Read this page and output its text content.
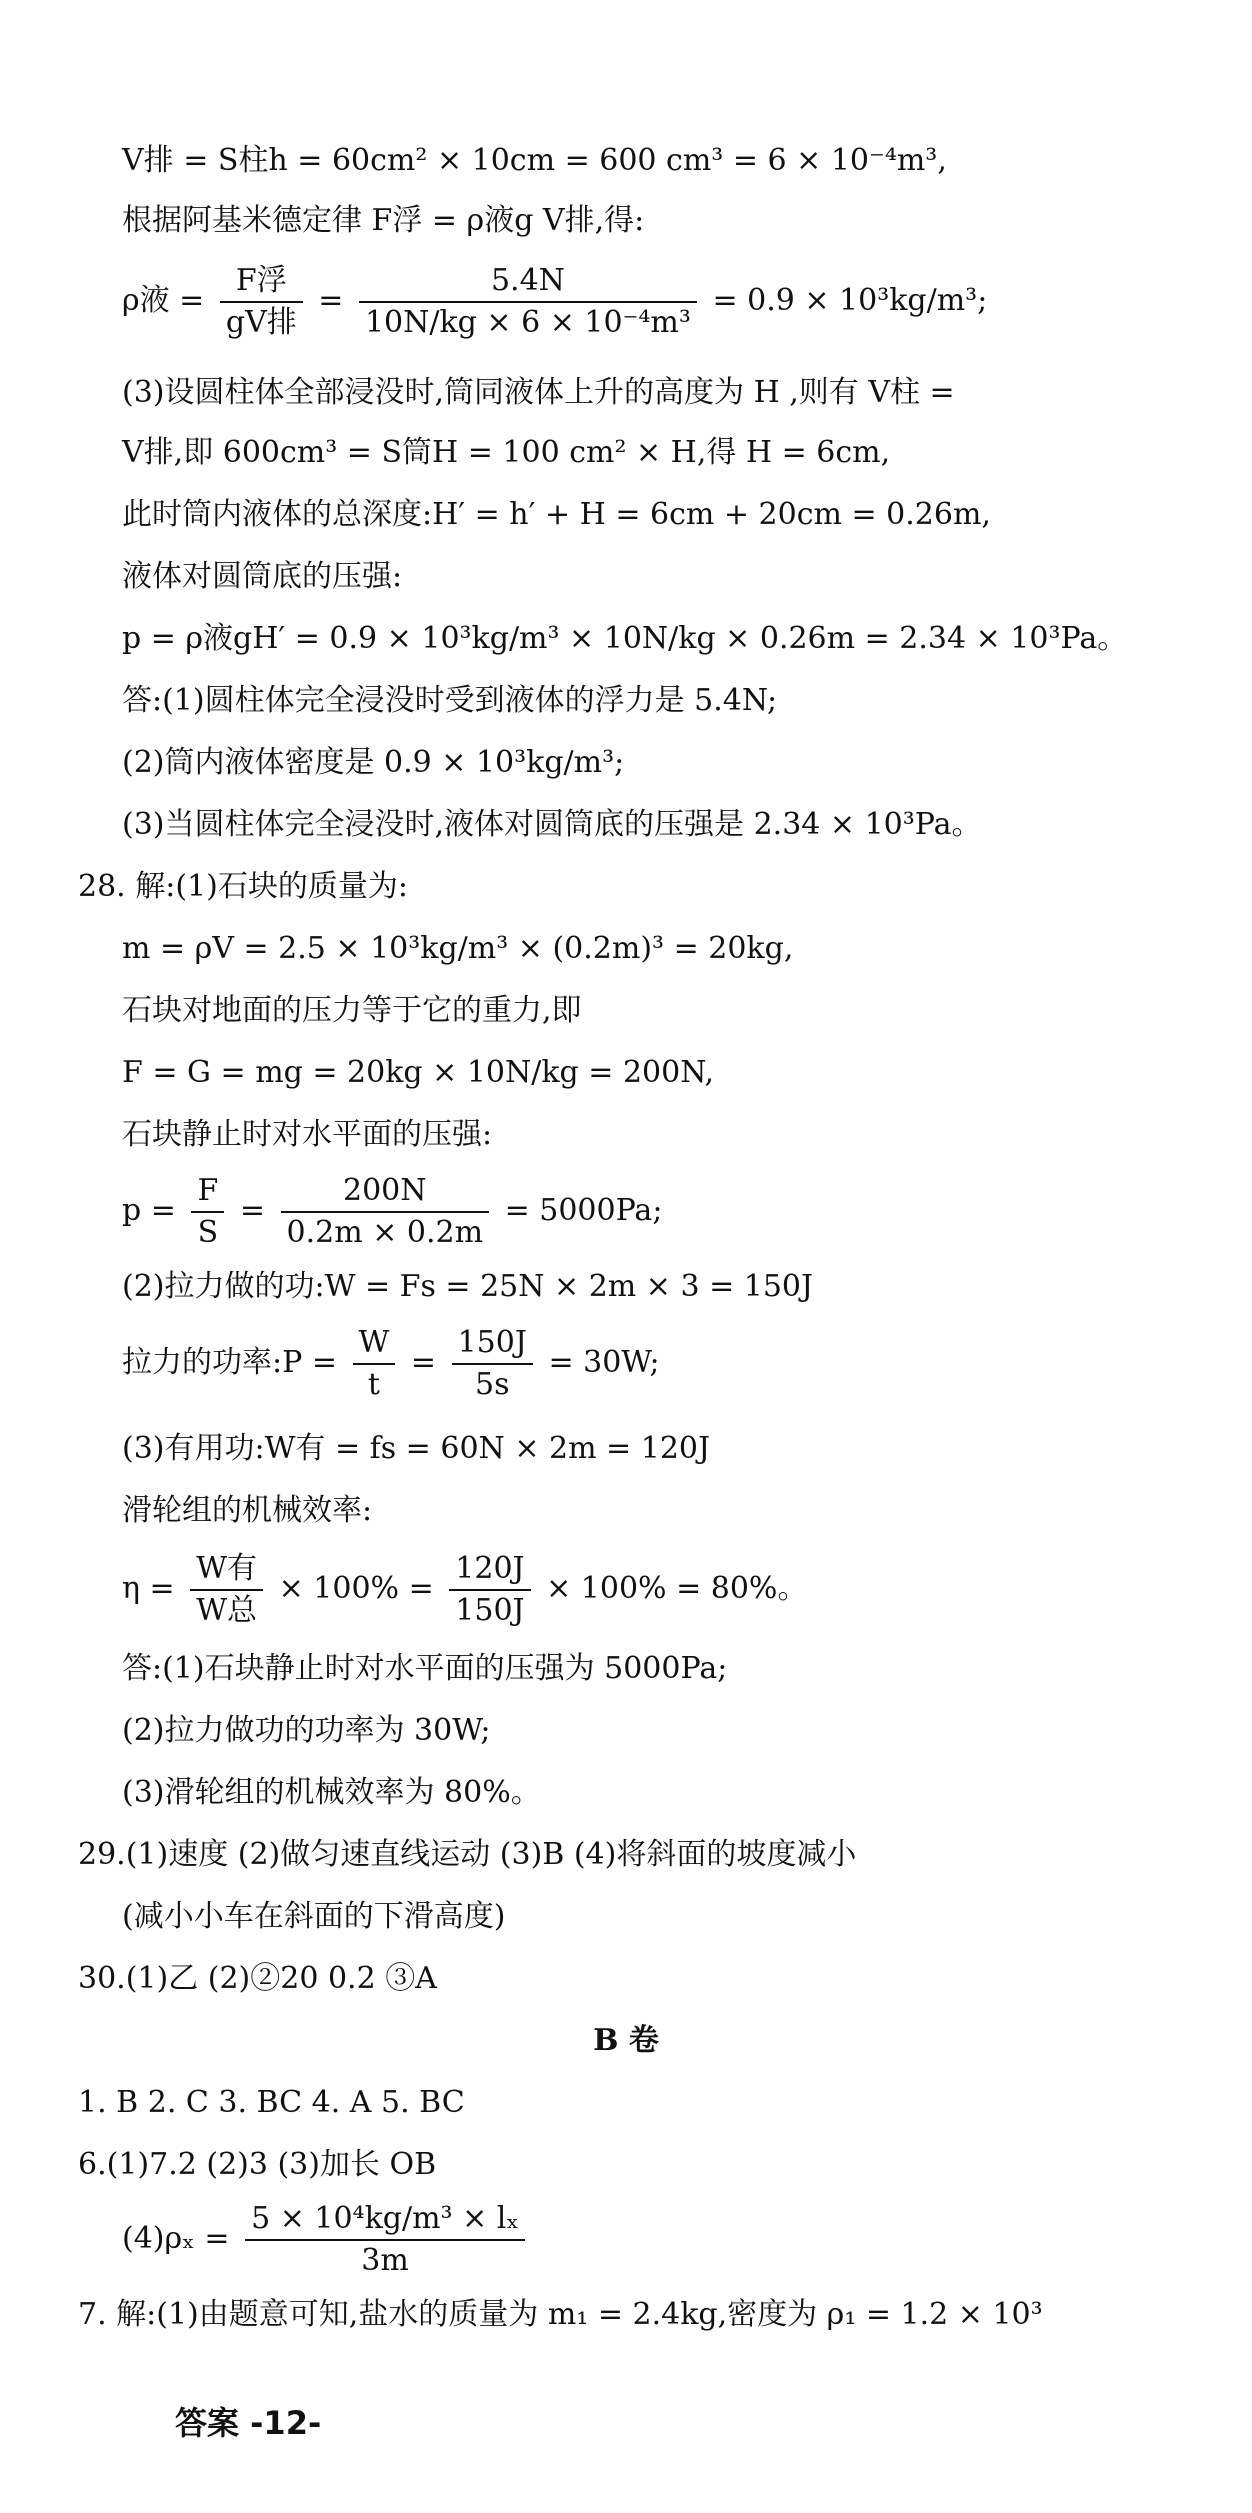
V排 = S柱h = 60cm² × 10cm = 600 cm³ = 6 × 10⁻⁴m³,
根据阿基米德定律 F浮 = ρ液g V排,得:
ρ液 = $\frac{\text{F浮}}{\text{gV排}} = \frac{5.4N}{\text{10N/kg × 6 × 10⁻⁴m³}} = 0.9 \times 10^3kg/m^3$;
(3)设圆柱体全部浸没时,筒同液体上升的高度为 H ,则有 V柱 =
V排,即 600cm³ = S筒H = 100 cm² × H,得 H = 6cm,
此时筒内液体的总深度:H′ = h′ + H = 6cm + 20cm = 0.26m,
液体对圆筒底的压强:
p = ρ液gH′ = 0.9 × 10³kg/m³ × 10N/kg × 0.26m = 2.34 × 10³Pa。
答:(1)圆柱体完全浸没时受到液体的浮力是 5.4N;
(2)筒内液体密度是 0.9 × 10³kg/m³;
(3)当圆柱体完全浸没时,液体对圆筒底的压强是 2.34 × 10³Pa。
28. 解:(1)石块的质量为:
m = ρV = 2.5 × 10³kg/m³ × (0.2m)³ = 20kg,
石块对地面的压力等于它的重力,即
F = G = mg = 20kg × 10N/kg = 200N,
石块静止时对水平面的压强:
$p = \frac{F}{S} = \frac{200N}{0.2m \times 0.2m} = 5000Pa$;
(2)拉力做的功:W = Fs = 25N × 2m × 3 = 150J
拉力的功率:P = $\frac{W}{t} = \frac{150J}{5s} = 30W$;
(3)有用功:W有 = fs = 60N × 2m = 120J
滑轮组的机械效率:
$\eta = \frac{\text{W有}}{\text{W总}} \times 100\% = \frac{120J}{150J} \times 100\% = 80\%$。
答:(1)石块静止时对水平面的压强为 5000Pa;
(2)拉力做功的功率为 30W;
(3)滑轮组的机械效率为 80%。
29.(1)速度 (2)做匀速直线运动 (3)B (4)将斜面的坡度减小
(减小小车在斜面的下滑高度)
30.(1)乙 (2)②20 0.2 ③A
B 卷
1. B 2. C 3. BC 4. A 5. BC
6.(1)7.2 (2)3 (3)加长 OB
$(4)\rho_x = \frac{\text{5 × 10⁴kg/m³ × lₓ}}{3m}$
7. 解:(1)由题意可知,盐水的质量为 m₁ = 2.4kg,密度为 ρ₁ = 1.2 × 10³
答案 -12-
